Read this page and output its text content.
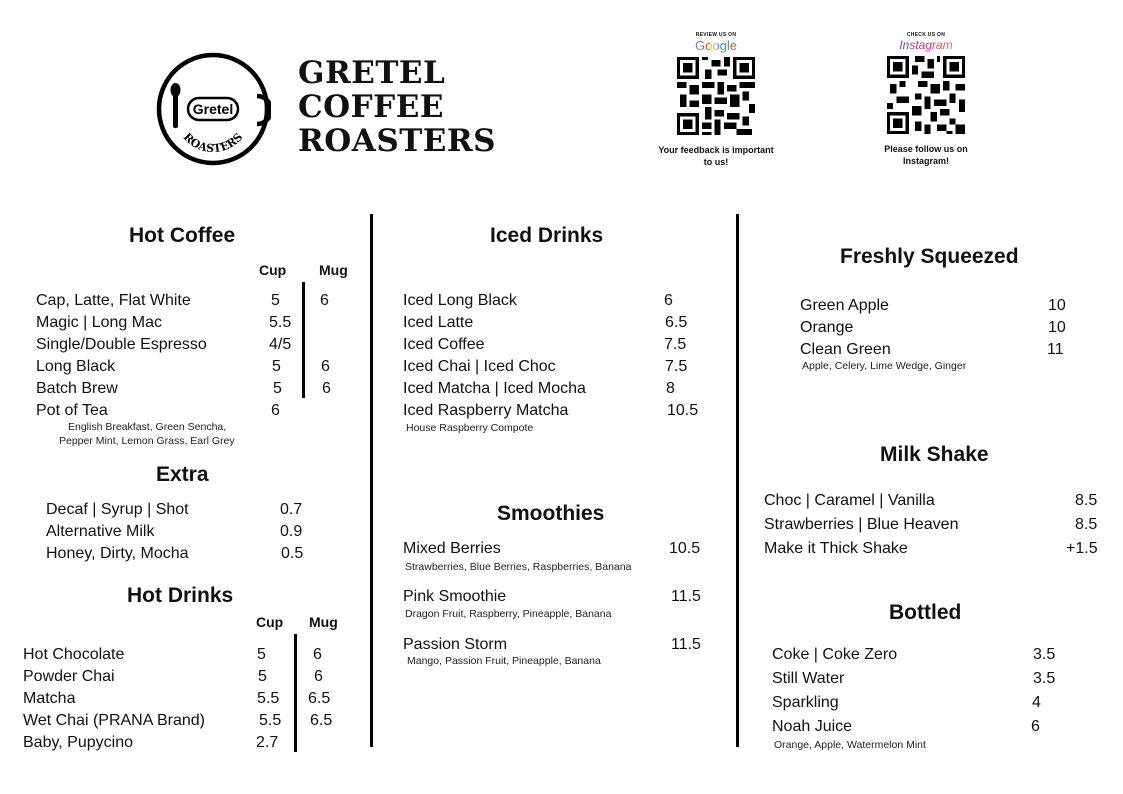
Gretel
ROASTERS
GRETEL
COFFEE
ROASTERS
REVIEW US ON
Google
Your feedback is important to us!
CHECK US ON
Instagram
Please follow us on Instagram!
Hot Coffee
Cup Mug
Cap, Latte, Flat White	5	6
Magic | Long Mac	5.5
Single/Double Espresso	4/5
Long Black	5	6
Batch Brew	5	6
Pot of Tea	6
English Breakfast, Green Sencha,
Pepper Mint, Lemon Grass, Earl Grey
Extra
Decaf | Syrup | Shot	0.7
Alternative Milk	0.9
Honey, Dirty, Mocha	0.5
Hot Drinks
Cup Mug
Hot Chocolate	5	6
Powder Chai	5	6
Matcha	5.5 6.5
Wet Chai (PRANA Brand)	5.5 6.5
Baby, Pupycino	2.7
Iced Drinks
Iced Long Black	6
Iced Latte	6.5
Iced Coffee	7.5
Iced Chai | Iced Choc	7.5
Iced Matcha | Iced Mocha	8
Iced Raspberry Matcha	10.5
House Raspberry Compote
Smoothies
Mixed Berries	10.5
Strawberries, Blue Berries, Raspberries, Banana
Pink Smoothie	11.5
Dragon Fruit, Raspberry, Pineapple, Banana
Passion Storm	11.5
Mango, Passion Fruit, Pineapple, Banana
Freshly Squeezed
Green Apple	10
Orange	10
Clean Green	11
Apple, Celery, Lime Wedge, Ginger
Milk Shake
Choc | Caramel | Vanilla	8.5
Strawberries | Blue Heaven	8.5
Make it Thick Shake	+1.5
Bottled
Coke | Coke Zero	3.5
Still Water	3.5
Sparkling	4
Noah Juice	6
Orange, Apple, Watermelon Mint
